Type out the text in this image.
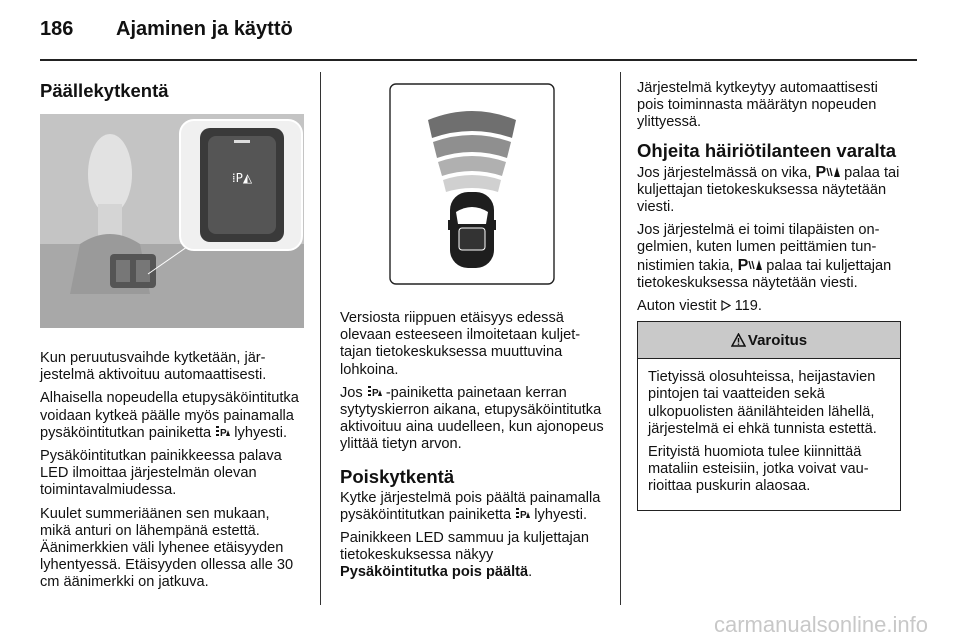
186 Ajaminen ja käyttö
Päällekytkentä
⁞P◭

Kun peruutusvaihde kytketään, järjestelmä aktivoituu automaattisesti.

Alhaisella nopeudella etupysäköintitutka voidaan kytkeä päälle myös painamalla pysäköintitutkan painiketta P lyhyesti.

Pysäköintitutkan painikkeessa palava LED ilmoittaa järjestelmän olevan toimintavalmiudessa.

Kuulet summeriäänen sen mukaan, mikä anturi on lähempänä estettä. Äänimerkkien väli lyhenee etäisyyden lyhentyessä. Etäisyyden ollessa alle 30 cm äänimerkki on jatkuva.

Versiosta riippuen etäisyys edessä olevaan esteeseen ilmoitetaan kuljettajan tietokeskuksessa muuttuvina lohkoina.

Jos P -painiketta painetaan kerran sytytyskierron aikana, etupysäköintitutka aktivoituu aina uudelleen, kun ajonopeus ylittää tietyn arvon.

Poiskytkentä

Kytke järjestelmä pois päältä painamalla pysäköintitutkan painiketta P lyhyesti.

Painikkeen LED sammuu ja kuljettajan tietokeskuksessa näkyy
Pysäköintitutka pois päältä.

Järjestelmä kytkeytyy automaattisesti pois toiminnasta määrätyn nopeuden ylittyessä.

Ohjeita häiriötilanteen varalta

Jos järjestelmässä on vika, P palaa tai kuljettajan tietokeskuksessa näytetään viesti.

Jos järjestelmä ei toimi tilapäisten ongelmien, kuten lumen peittämien tunnistimien takia, P palaa tai kuljettajan tietokeskuksessa näytetään viesti.

Auton viestit  119.

Varoitus

Tietyissä olosuhteissa, heijastavien pintojen tai vaatteiden sekä ulkopuolisten äänilähteiden lähellä, järjestelmä ei ehkä tunnista estettä.

Erityistä huomiota tulee kiinnittää mataliin esteisiin, jotka voivat vaurioittaa puskurin alaosaa.

carmanualsonline.info
